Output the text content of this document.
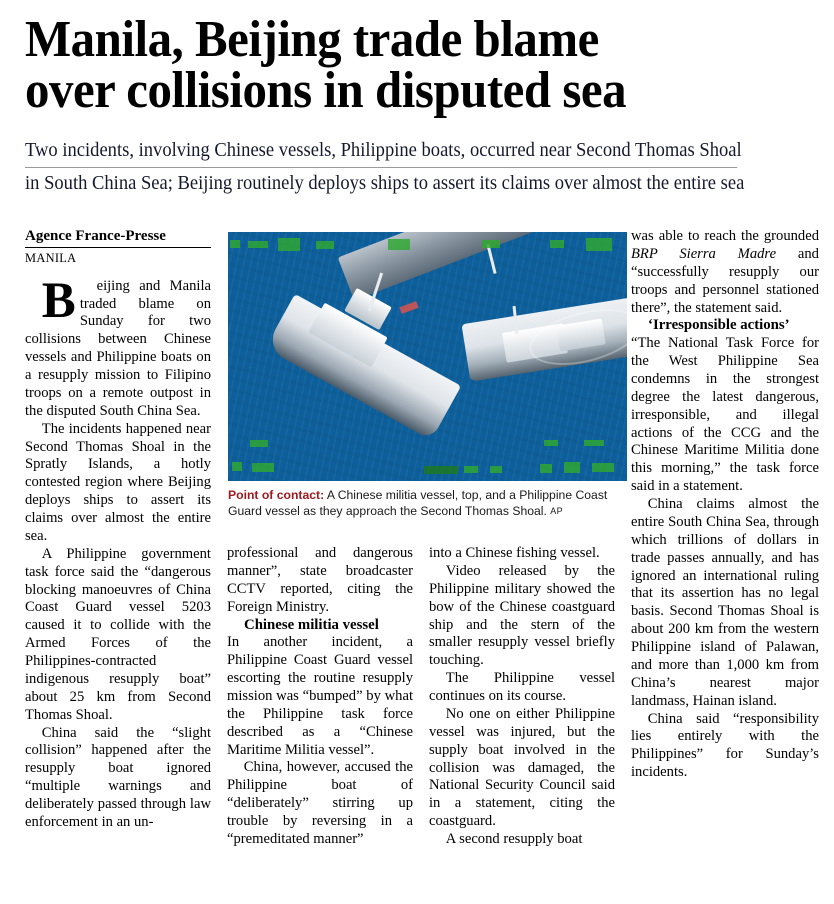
Manila, Beijing trade blame
over collisions in disputed sea
Two incidents, involving Chinese vessels, Philippine boats, occurred near Second Thomas Shoal
in South China Sea; Beijing routinely deploys ships to assert its claims over almost the entire sea
Point of contact: A Chinese militia vessel, top, and a Philippine Coast Guard vessel as they approach the Second Thomas Shoal. AP
Agence France-Presse
MANILA

B eijing and Manila traded blame on Sunday for two collisions between Chinese vessels and Philippine boats on a resupply mission to Filipino troops on a remote outpost in the disputed South China Sea.

The incidents happened near Second Thomas Shoal in the Spratly Islands, a hotly contested region where Beijing deploys ships to assert its claims over almost the entire sea.

A Philippine government task force said the “dangerous blocking manoeuvres of China Coast Guard vessel 5203 caused it to collide with the Armed Forces of the Philippines-contracted indigenous resupply boat” about 25 km from Second Thomas Shoal.

China said the “slight collision” happened after the resupply boat ignored “multiple warnings and deliberately passed through law enforcement in an un-

professional and dangerous manner”, state broadcaster CCTV reported, citing the Foreign Ministry.

Chinese militia vessel

In another incident, a Philippine Coast Guard vessel escorting the routine resupply mission was “bumped” by what the Philippine task force described as a “Chinese Maritime Militia vessel”.

China, however, accused the Philippine boat of “deliberately” stirring up trouble by reversing in a “premeditated manner”

into a Chinese fishing vessel.

Video released by the Philippine military showed the bow of the Chinese coastguard ship and the stern of the smaller resupply vessel briefly touching.

The Philippine vessel continues on its course.

No one on either Philippine vessel was injured, but the supply boat involved in the collision was damaged, the National Security Council said in a statement, citing the coastguard.

A second resupply boat

was able to reach the grounded BRP Sierra Madre and “successfully resupply our troops and personnel stationed there”, the statement said.

‘Irresponsible actions’

“The National Task Force for the West Philippine Sea condemns in the strongest degree the latest dangerous, irresponsible, and illegal actions of the CCG and the Chinese Maritime Militia done this morning,” the task force said in a statement.

China claims almost the entire South China Sea, through which trillions of dollars in trade passes annually, and has ignored an international ruling that its assertion has no legal basis. Second Thomas Shoal is about 200 km from the western Philippine island of Palawan, and more than 1,000 km from China’s nearest major landmass, Hainan island.

China said “responsibility lies entirely with the Philippines” for Sunday’s incidents.
